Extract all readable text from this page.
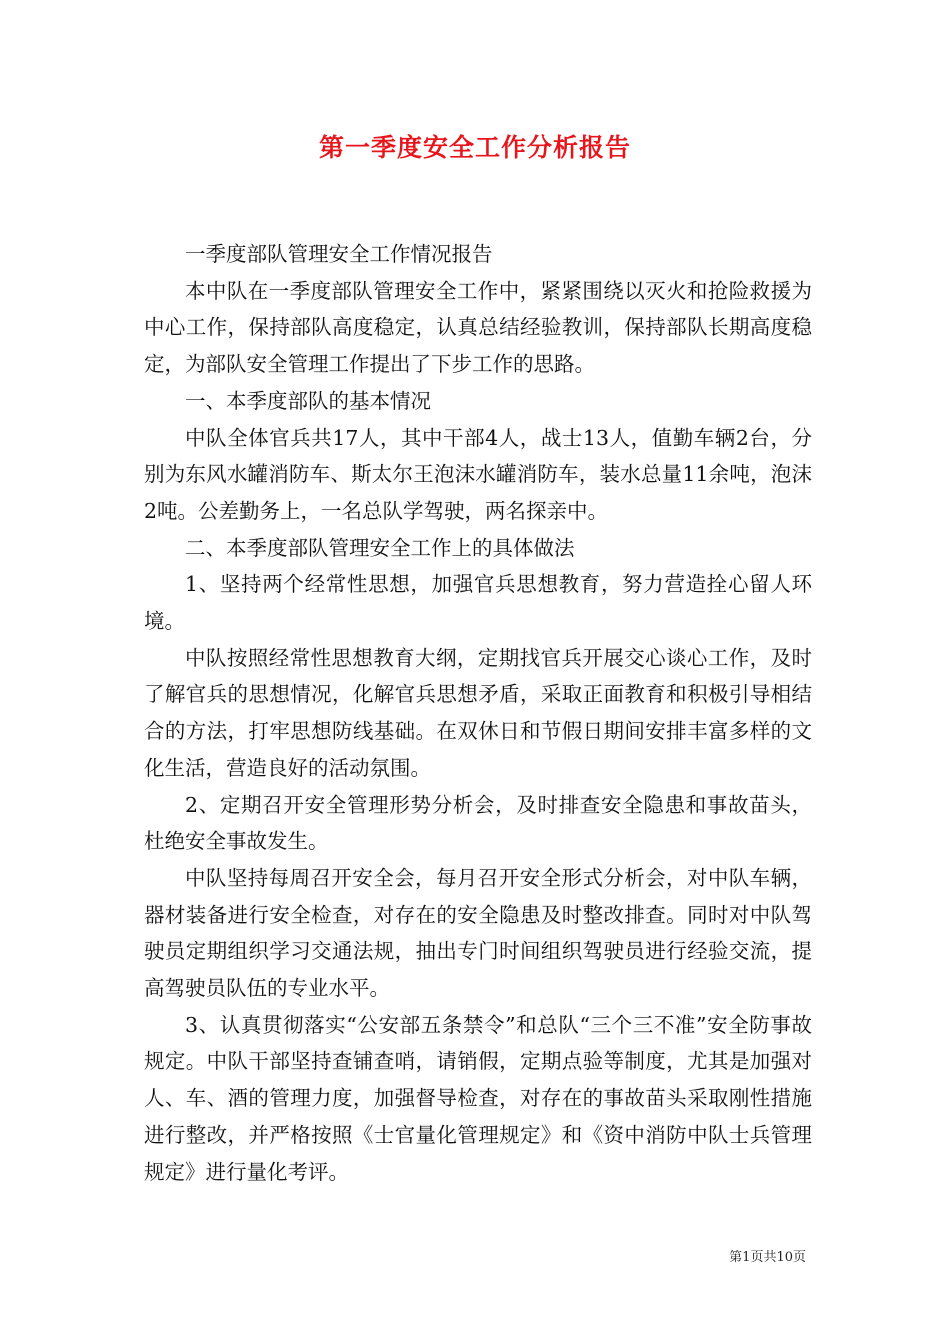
第一季度安全工作分析报告

一季度部队管理安全工作情况报告

本中队在一季度部队管理安全工作中，紧紧围绕以灭火和抢险救援为中心工作，保持部队高度稳定，认真总结经验教训，保持部队长期高度稳定，为部队安全管理工作提出了下步工作的思路。

一、本季度部队的基本情况

中队全体官兵共17人，其中干部4人，战士13人，值勤车辆2台，分别为东风水罐消防车、斯太尔王泡沫水罐消防车，装水总量11余吨，泡沫2吨。公差勤务上，一名总队学驾驶，两名探亲中。

二、本季度部队管理安全工作上的具体做法

1、坚持两个经常性思想，加强官兵思想教育，努力营造拴心留人环境。

中队按照经常性思想教育大纲，定期找官兵开展交心谈心工作，及时了解官兵的思想情况，化解官兵思想矛盾，采取正面教育和积极引导相结合的方法，打牢思想防线基础。在双休日和节假日期间安排丰富多样的文化生活，营造良好的活动氛围。

2、定期召开安全管理形势分析会，及时排查安全隐患和事故苗头，杜绝安全事故发生。

中队坚持每周召开安全会，每月召开安全形式分析会，对中队车辆，器材装备进行安全检查，对存在的安全隐患及时整改排查。同时对中队驾驶员定期组织学习交通法规，抽出专门时间组织驾驶员进行经验交流，提高驾驶员队伍的专业水平。

3、认真贯彻落实“公安部五条禁令”和总队“三个三不准”安全防事故规定。中队干部坚持查铺查哨，请销假，定期点验等制度，尤其是加强对人、车、酒的管理力度，加强督导检查，对存在的事故苗头采取刚性措施进行整改，并严格按照《士官量化管理规定》和《资中消防中队士兵管理规定》进行量化考评。

第1页共10页
